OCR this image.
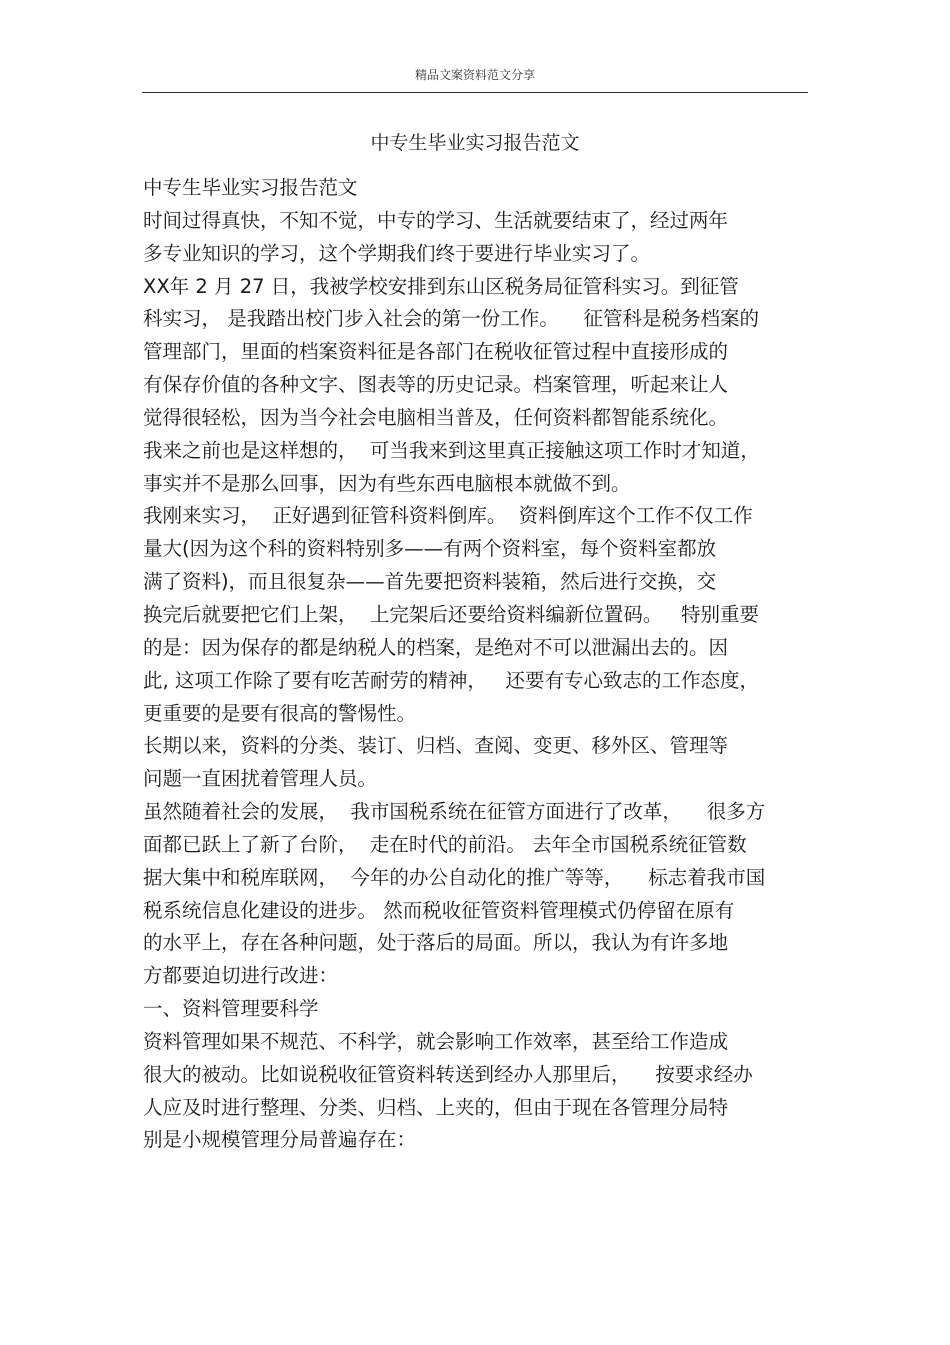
精品文案资料范文分享
中专生毕业实习报告范文
中专生毕业实习报告范文
时间过得真快，不知不觉，中专的学习、生活就要结束了，经过两年
多专业知识的学习，这个学期我们终于要进行毕业实习了。
XX年 2 月 27 日，我被学校安排到东山区税务局征管科实习。到征管
科实习， 是我踏出校门步入社会的第一份工作。    征管科是税务档案的
管理部门，里面的档案资料征是各部门在税收征管过程中直接形成的
有保存价值的各种文字、图表等的历史记录。档案管理，听起来让人
觉得很轻松，因为当今社会电脑相当普及，任何资料都智能系统化。
我来之前也是这样想的，  可当我来到这里真正接触这项工作时才知道，
事实并不是那么回事，因为有些东西电脑根本就做不到。
我刚来实习，  正好遇到征管科资料倒库。  资料倒库这个工作不仅工作
量大(因为这个科的资料特别多——有两个资料室，每个资料室都放
满了资料)，而且很复杂——首先要把资料装箱，然后进行交换，交
换完后就要把它们上架，  上完架后还要给资料编新位置码。   特别重要
的是：因为保存的都是纳税人的档案，是绝对不可以泄漏出去的。因
此, 这项工作除了要有吃苦耐劳的精神，   还要有专心致志的工作态度，
更重要的是要有很高的警惕性。
长期以来，资料的分类、装订、归档、查阅、变更、移外区、管理等
问题一直困扰着管理人员。
虽然随着社会的发展，  我市国税系统在征管方面进行了改革，    很多方
面都已跃上了新了台阶，  走在时代的前沿。 去年全市国税系统征管数
据大集中和税库联网，  今年的办公自动化的推广等等，    标志着我市国
税系统信息化建设的进步。 然而税收征管资料管理模式仍停留在原有
的水平上，存在各种问题，处于落后的局面。所以，我认为有许多地
方都要迫切进行改进：
一、资料管理要科学
资料管理如果不规范、不科学，就会影响工作效率，甚至给工作造成
很大的被动。比如说税收征管资料转送到经办人那里后，    按要求经办
人应及时进行整理、分类、归档、上夹的，但由于现在各管理分局特
别是小规模管理分局普遍存在：
